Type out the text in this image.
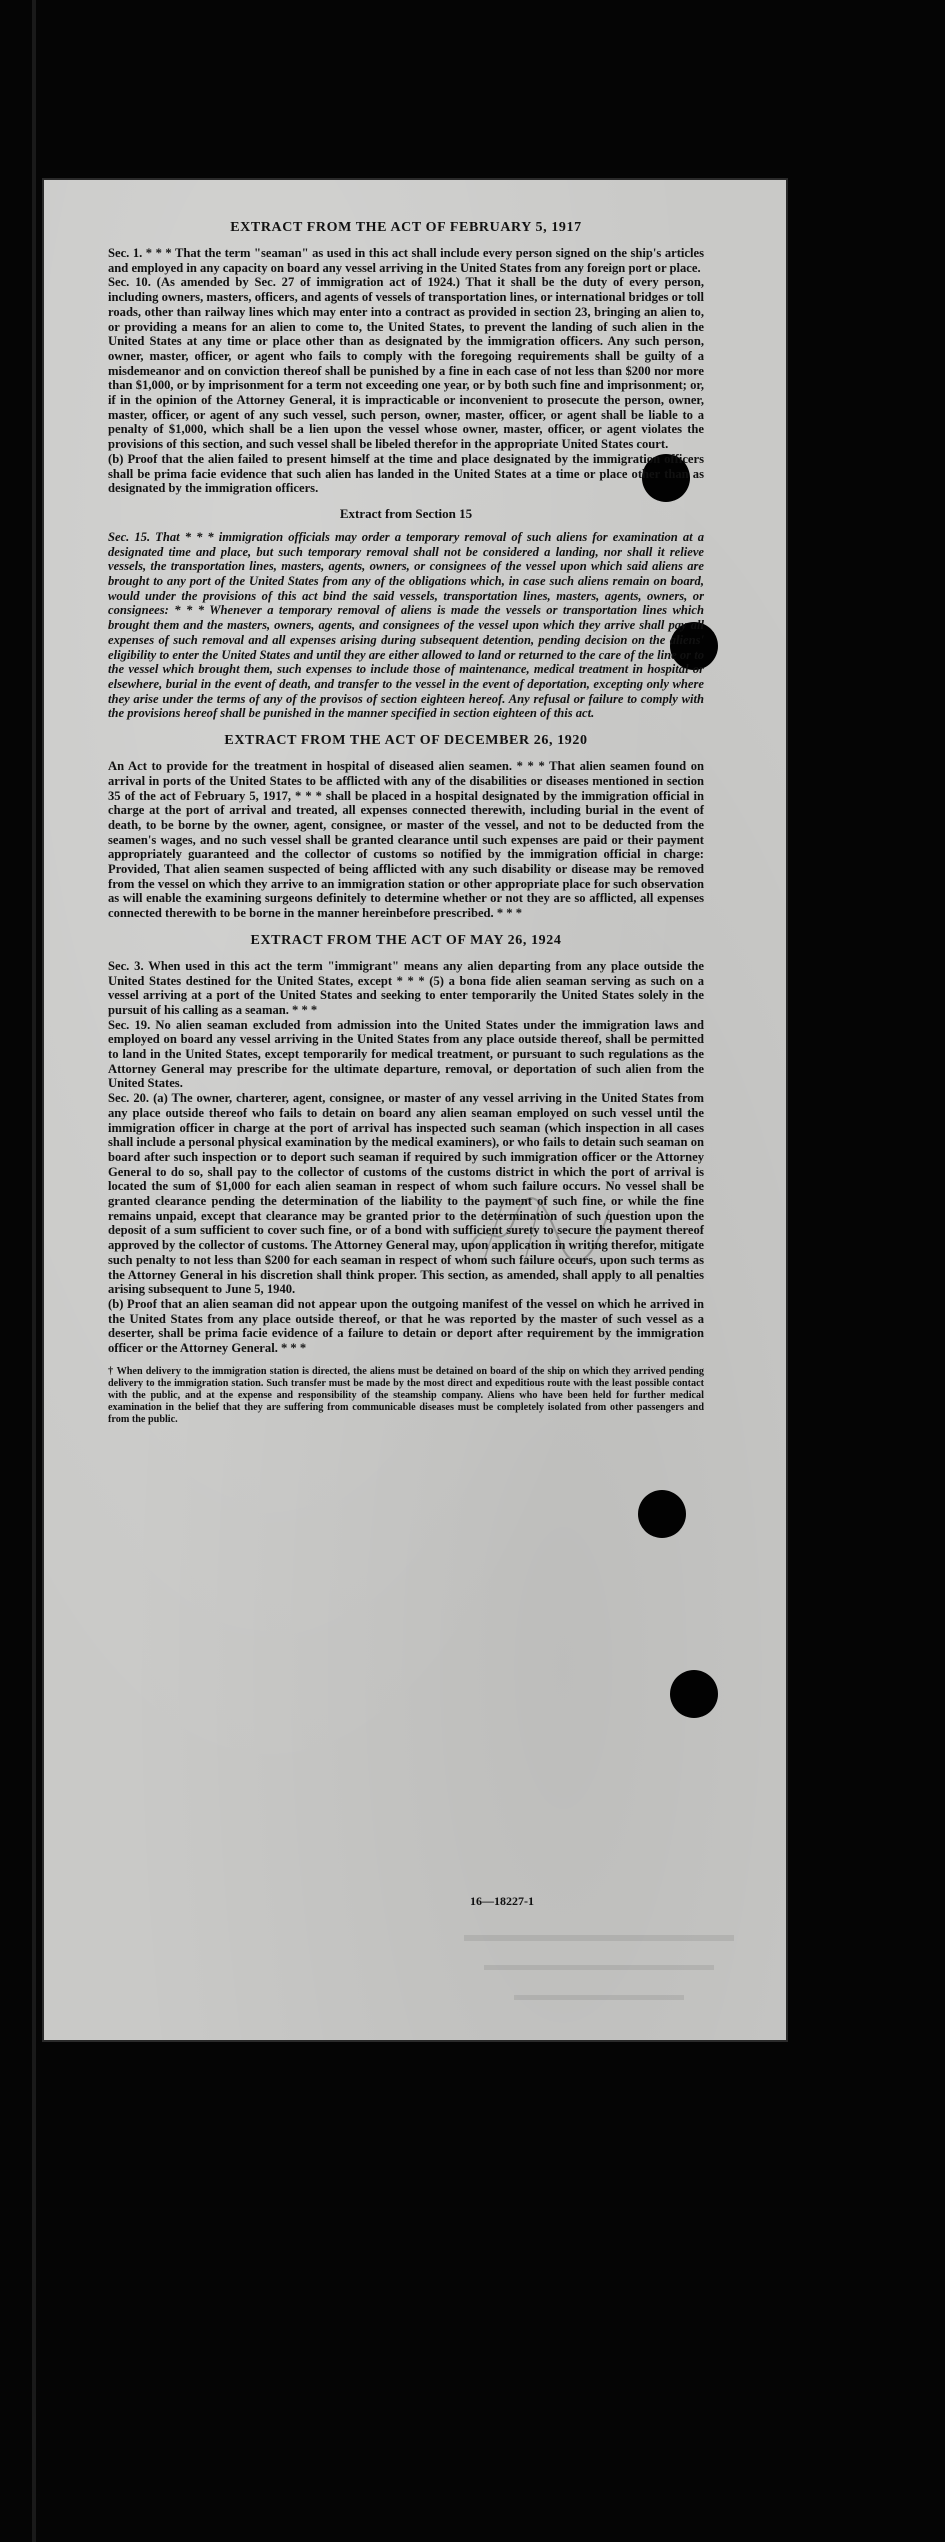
EXTRACT FROM THE ACT OF FEBRUARY 5, 1917

Sec. 1. * * * That the term "seaman" as used in this act shall include every person signed on the ship's articles and employed in any capacity on board any vessel arriving in the United States from any foreign port or place.

Sec. 10. (As amended by Sec. 27 of immigration act of 1924.) That it shall be the duty of every person, including owners, masters, officers, and agents of vessels of transportation lines, or international bridges or toll roads, other than railway lines which may enter into a contract as provided in section 23, bringing an alien to, or providing a means for an alien to come to, the United States, to prevent the landing of such alien in the United States at any time or place other than as designated by the immigration officers. Any such person, owner, master, officer, or agent who fails to comply with the foregoing requirements shall be guilty of a misdemeanor and on conviction thereof shall be punished by a fine in each case of not less than $200 nor more than $1,000, or by imprisonment for a term not exceeding one year, or by both such fine and imprisonment; or, if in the opinion of the Attorney General, it is impracticable or inconvenient to prosecute the person, owner, master, officer, or agent of any such vessel, such person, owner, master, officer, or agent shall be liable to a penalty of $1,000, which shall be a lien upon the vessel whose owner, master, officer, or agent violates the provisions of this section, and such vessel shall be libeled therefor in the appropriate United States court.

(b) Proof that the alien failed to present himself at the time and place designated by the immigration officers shall be prima facie evidence that such alien has landed in the United States at a time or place other than as designated by the immigration officers.

Extract from Section 15

Sec. 15. That * * * immigration officials may order a temporary removal of such aliens for examination at a designated time and place, but such temporary removal shall not be considered a landing, nor shall it relieve vessels, the transportation lines, masters, agents, owners, or consignees of the vessel upon which said aliens are brought to any port of the United States from any of the obligations which, in case such aliens remain on board, would under the provisions of this act bind the said vessels, transportation lines, masters, agents, owners, or consignees: * * * Whenever a temporary removal of aliens is made the vessels or transportation lines which brought them and the masters, owners, agents, and consignees of the vessel upon which they arrive shall pay all expenses of such removal and all expenses arising during subsequent detention, pending decision on the aliens' eligibility to enter the United States and until they are either allowed to land or returned to the care of the line or to the vessel which brought them, such expenses to include those of maintenance, medical treatment in hospital or elsewhere, burial in the event of death, and transfer to the vessel in the event of deportation, excepting only where they arise under the terms of any of the provisos of section eighteen hereof. Any refusal or failure to comply with the provisions hereof shall be punished in the manner specified in section eighteen of this act.

EXTRACT FROM THE ACT OF DECEMBER 26, 1920

An Act to provide for the treatment in hospital of diseased alien seamen. * * * That alien seamen found on arrival in ports of the United States to be afflicted with any of the disabilities or diseases mentioned in section 35 of the act of February 5, 1917, * * * shall be placed in a hospital designated by the immigration official in charge at the port of arrival and treated, all expenses connected therewith, including burial in the event of death, to be borne by the owner, agent, consignee, or master of the vessel, and not to be deducted from the seamen's wages, and no such vessel shall be granted clearance until such expenses are paid or their payment appropriately guaranteed and the collector of customs so notified by the immigration official in charge: Provided, That alien seamen suspected of being afflicted with any such disability or disease may be removed from the vessel on which they arrive to an immigration station or other appropriate place for such observation as will enable the examining surgeons definitely to determine whether or not they are so afflicted, all expenses connected therewith to be borne in the manner hereinbefore prescribed. * * *

EXTRACT FROM THE ACT OF MAY 26, 1924

Sec. 3. When used in this act the term "immigrant" means any alien departing from any place outside the United States destined for the United States, except * * * (5) a bona fide alien seaman serving as such on a vessel arriving at a port of the United States and seeking to enter temporarily the United States solely in the pursuit of his calling as a seaman. * * *

Sec. 19. No alien seaman excluded from admission into the United States under the immigration laws and employed on board any vessel arriving in the United States from any place outside thereof, shall be permitted to land in the United States, except temporarily for medical treatment, or pursuant to such regulations as the Attorney General may prescribe for the ultimate departure, removal, or deportation of such alien from the United States.

Sec. 20. (a) The owner, charterer, agent, consignee, or master of any vessel arriving in the United States from any place outside thereof who fails to detain on board any alien seaman employed on such vessel until the immigration officer in charge at the port of arrival has inspected such seaman (which inspection in all cases shall include a personal physical examination by the medical examiners), or who fails to detain such seaman on board after such inspection or to deport such seaman if required by such immigration officer or the Attorney General to do so, shall pay to the collector of customs of the customs district in which the port of arrival is located the sum of $1,000 for each alien seaman in respect of whom such failure occurs. No vessel shall be granted clearance pending the determination of the liability to the payment of such fine, or while the fine remains unpaid, except that clearance may be granted prior to the determination of such question upon the deposit of a sum sufficient to cover such fine, or of a bond with sufficient surety to secure the payment thereof approved by the collector of customs. The Attorney General may, upon application in writing therefor, mitigate such penalty to not less than $200 for each seaman in respect of whom such failure occurs, upon such terms as the Attorney General in his discretion shall think proper. This section, as amended, shall apply to all penalties arising subsequent to June 5, 1940.

(b) Proof that an alien seaman did not appear upon the outgoing manifest of the vessel on which he arrived in the United States from any place outside thereof, or that he was reported by the master of such vessel as a deserter, shall be prima facie evidence of a failure to detain or deport after requirement by the immigration officer or the Attorney General. * * *

† When delivery to the immigration station is directed, the aliens must be detained on board of the ship on which they arrived pending delivery to the immigration station. Such transfer must be made by the most direct and expeditious route with the least possible contact with the public, and at the expense and responsibility of the steamship company. Aliens who have been held for further medical examination in the belief that they are suffering from communicable diseases must be completely isolated from other passengers and from the public.

16—18227-1
